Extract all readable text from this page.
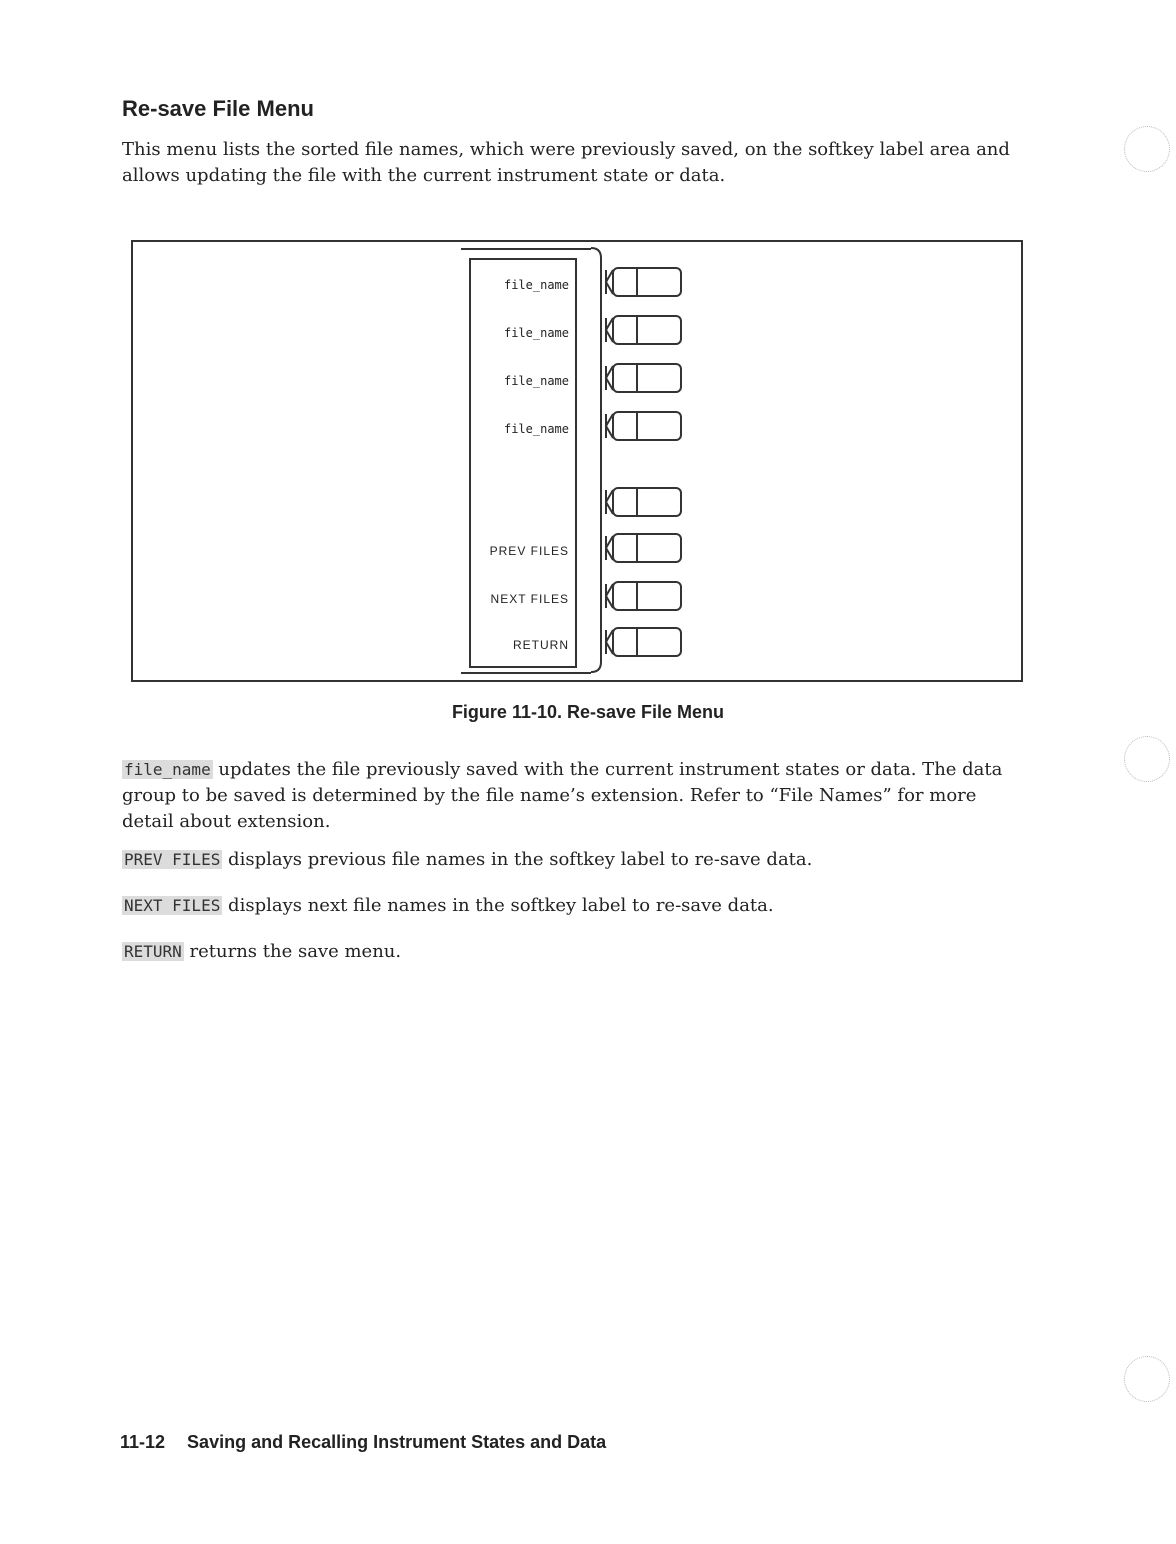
Re-save File Menu

This menu lists the sorted file names, which were previously saved, on the softkey label area and allows updating the file with the current instrument state or data.

file_name

file_name

file_name

file_name

PREV FILES

NEXT FILES

RETURN

Figure 11-10. Re-save File Menu

file_name updates the file previously saved with the current instrument states or data. The data group to be saved is determined by the file name’s extension. Refer to “File Names” for more detail about extension.

PREV FILES displays previous file names in the softkey label to re-save data.

NEXT FILES displays next file names in the softkey label to re-save data.

RETURN returns the save menu.

11-12 Saving and Recalling Instrument States and Data
